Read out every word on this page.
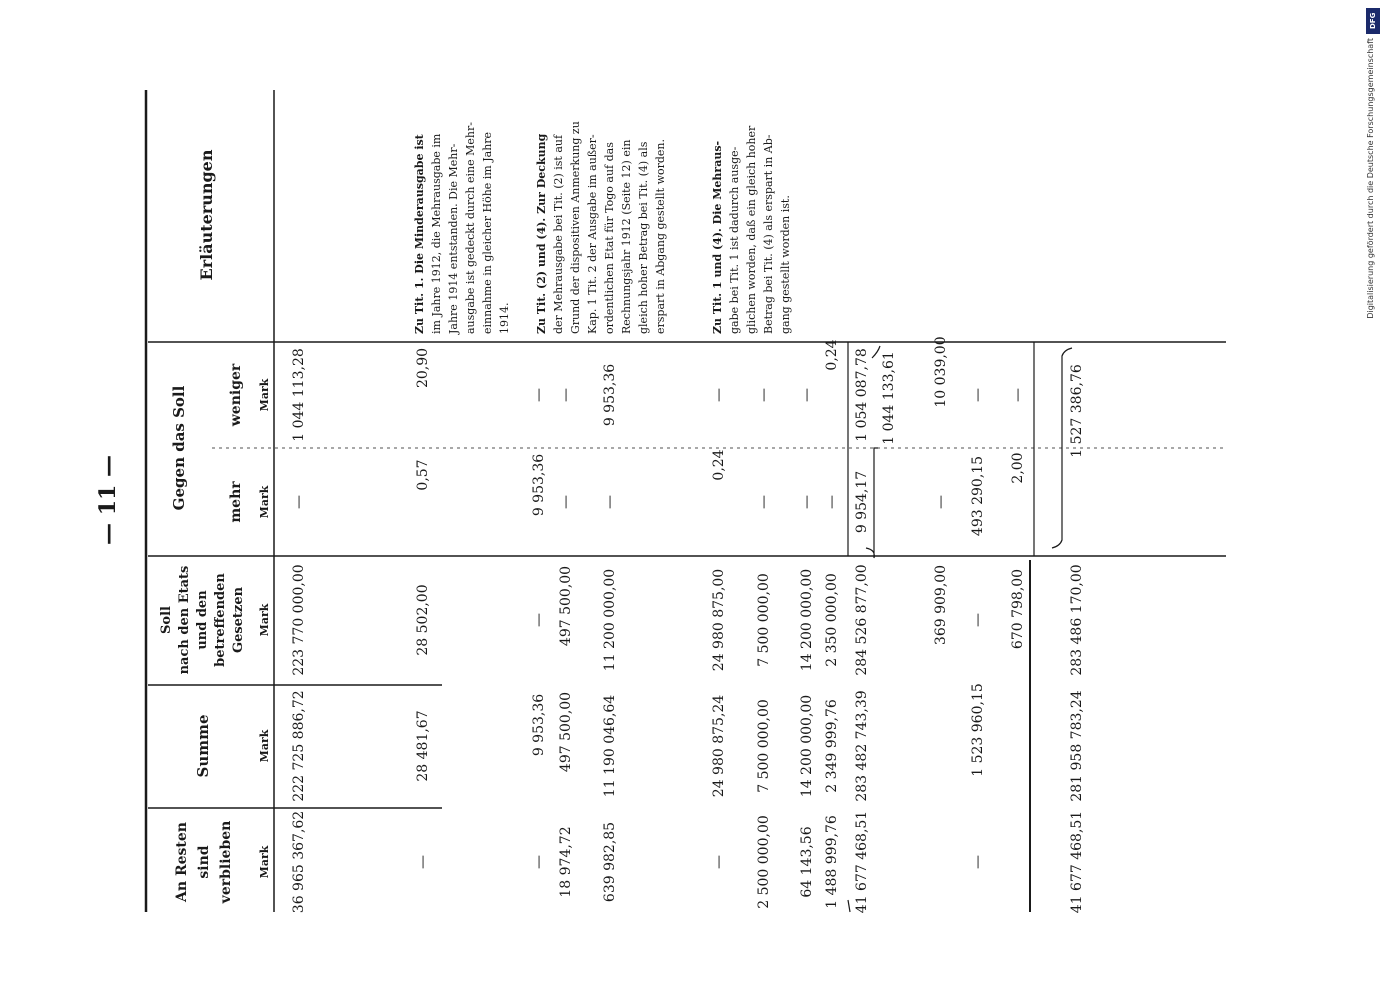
— 11 —
An Resten sind verblieben
Summe
Soll nach den Etats und den betreffenden Gesetzen
Gegen das Soll	mehr
weniger
Erläuterungen
Mark
Mark
Mark
Mark
Mark
36 965 367,62
222 725 886,72
223 770 000,00
—
1 044 113,28
—
28 481,67
28 502,00
0,57
20,90
—
9 953,36
—
9 953,36
—
18 974,72
497 500,00
497 500,00
—
—
639 982,85
11 190 046,64
11 200 000,00
—
9 953,36
—
24 980 875,24
24 980 875,00
0,24
—
2 500 000,00
7 500 000,00
7 500 000,00
—
—
64 143,56
14 200 000,00
14 200 000,00
—
—
1 488 999,76
2 349 999,76
2 350 000,00
—
0,24
41 677 468,51
283 482 743,39
284 526 877,00
9 954,17
1 054 087,78 1 044 133,61
369 909,00
—
10 039,00
—
1 523 960,15
—
493 290,15
—
670 798,00
2,00
—
41 677 468,51
281 958 783,24
283 486 170,00
1 527 386,76
Zu Tit. 1. Die Minderausgabe ist im Jahre 1912, die Mehrausgabe im Jahre 1914 entstanden. Die Mehr- ausgabe ist gedeckt durch eine Mehr- einnahme in gleicher Höhe im Jahre 1914. Zu Tit. (2) und (4). Zur Deckung der Mehrausgabe bei Tit. (2) ist auf Grund der dispositiven Anmerkung zu Kap. 1 Tit. 2 der Ausgabe im außer- ordentlichen Etat für Togo auf das Rechnungsjahr 1912 (Seite 12) ein gleich hoher Betrag bei Tit. (4) als erspart in Abgang gestellt worden.	Zu Tit. 1 und (4). Die Mehraus- gabe bei Tit. 1 ist dadurch ausge- glichen worden, daß ein gleich hoher Betrag bei Tit. (4) als erspart in Ab- gang gestellt worden ist.
DFG
Digitalisierung gefördert durch die Deutsche Forschungsgemeinschaft
